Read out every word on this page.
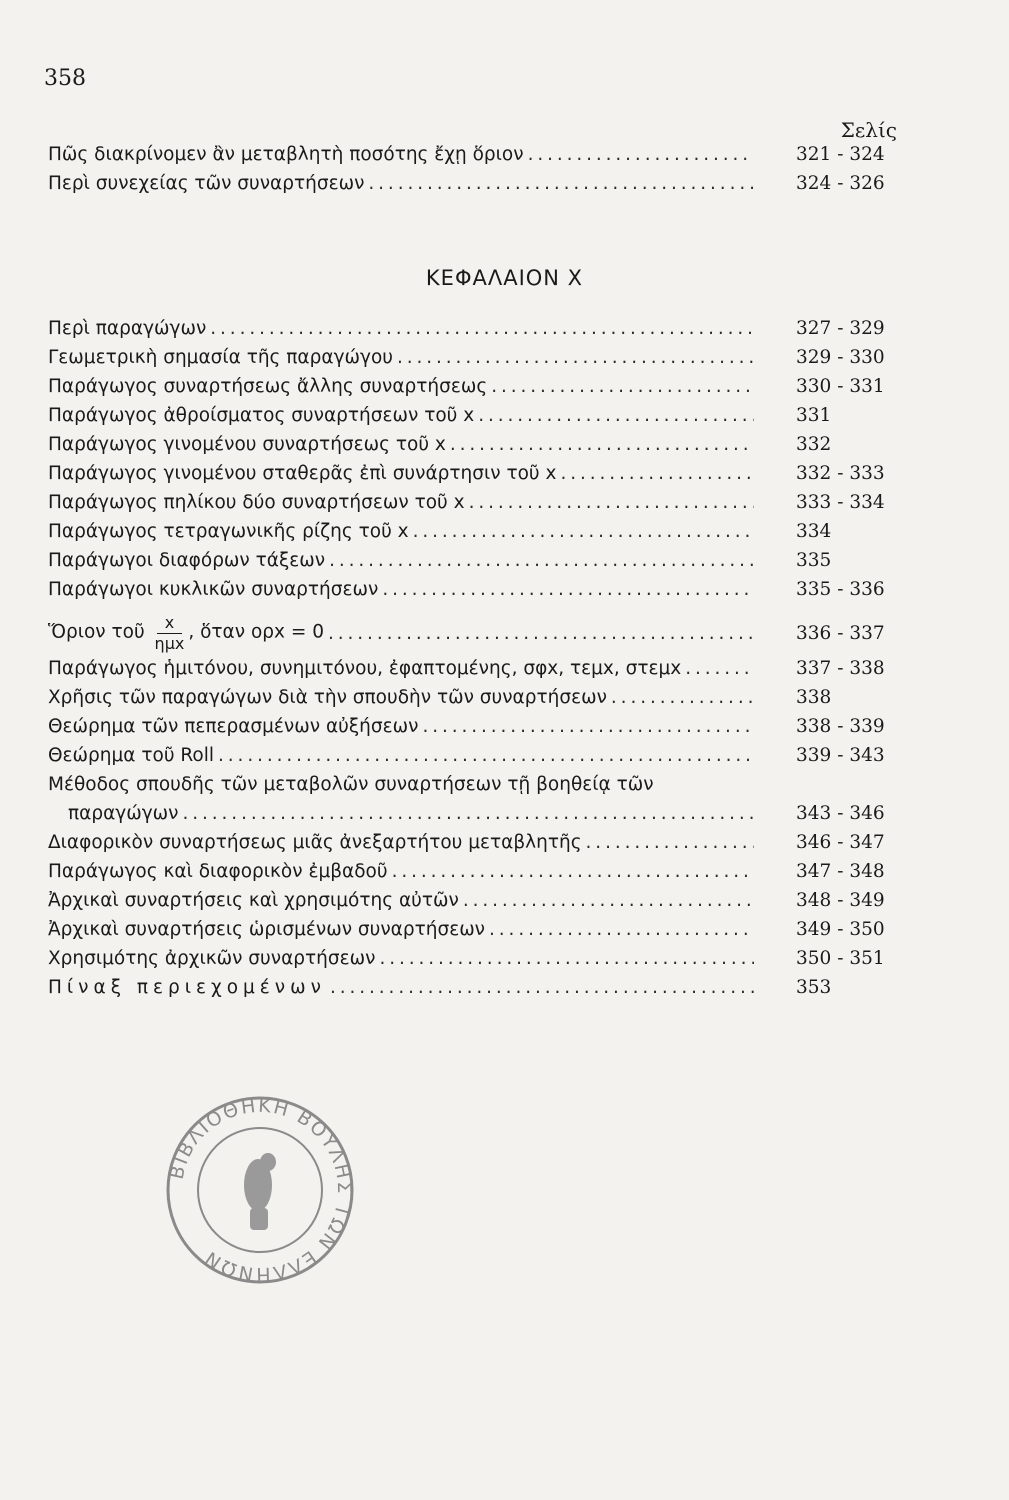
358
Σελίς
Πῶς διακρίνομεν ἂν μεταβλητὴ ποσότης ἔχῃ ὅριον . . .	321 - 324
Περὶ συνεχείας τῶν συναρτήσεων . . .	324 - 326
ΚΕΦΑΛΑΙΟΝ Χ
Περὶ παραγώγων . . .	327 - 329
Γεωμετρικὴ σημασία τῆς παραγώγου . . .	329 - 330
Παράγωγος συναρτήσεως ἄλλης συναρτήσεως . . .	330 - 331
Παράγωγος ἀθροίσματος συναρτήσεων τοῦ x . . .	331
Παράγωγος γινομένου συναρτήσεως τοῦ x . . .	332
Παράγωγος γινομένου σταθερᾶς ἐπὶ συνάρτησιν τοῦ x . . .	332 - 333
Παράγωγος πηλίκου δύο συναρτήσεων τοῦ x . . .	333 - 334
Παράγωγος τετραγωνικῆς ρίζης τοῦ x . . .	334
Παράγωγοι διαφόρων τάξεων . . .	335
Παράγωγοι κυκλικῶν συναρτήσεων . . .	335 - 336
Ὅριον τοῦ $\frac{x}{\text{ημx}}$ , ὅταν ορx = 0 . . .	336 - 337
Παράγωγος ἡμιτόνου, συνημιτόνου, ἐφαπτομένης, σφx, τεμx, στεμx . . .	337 - 338
Χρῆσις τῶν παραγώγων διὰ τὴν σπουδὴν τῶν συναρτήσεων . . .	338
Θεώρημα τῶν πεπερασμένων αὐξήσεων . . .	338 - 339
Θεώρημα τοῦ Roll . . .	339 - 343
Μέθοδος σπουδῆς τῶν μεταβολῶν συναρτήσεων τῇ βοηθείᾳ τῶν
παραγώγων . . .	343 - 346
Διαφορικὸν συναρτήσεως μιᾶς ἀνεξαρτήτου μεταβλητῆς . . .	346 - 347
Παράγωγος καὶ διαφορικὸν ἐμβαδοῦ . . .	347 - 348
Ἀρχικαὶ συναρτήσεις καὶ χρησιμότης αὐτῶν . . .	348 - 349
Ἀρχικαὶ συναρτήσεις ὡρισμένων συναρτήσεων . . .	349 - 350
Χρησιμότης ἀρχικῶν συναρτήσεων . . .	350 - 351
Πίναξ περιεχομένων . . .	353
ΒΙΒΛΙΟΘΗΚΗ ΒΟΥΛΗΣ ΤΩΝ ΕΛΛΗΝΩΝ
